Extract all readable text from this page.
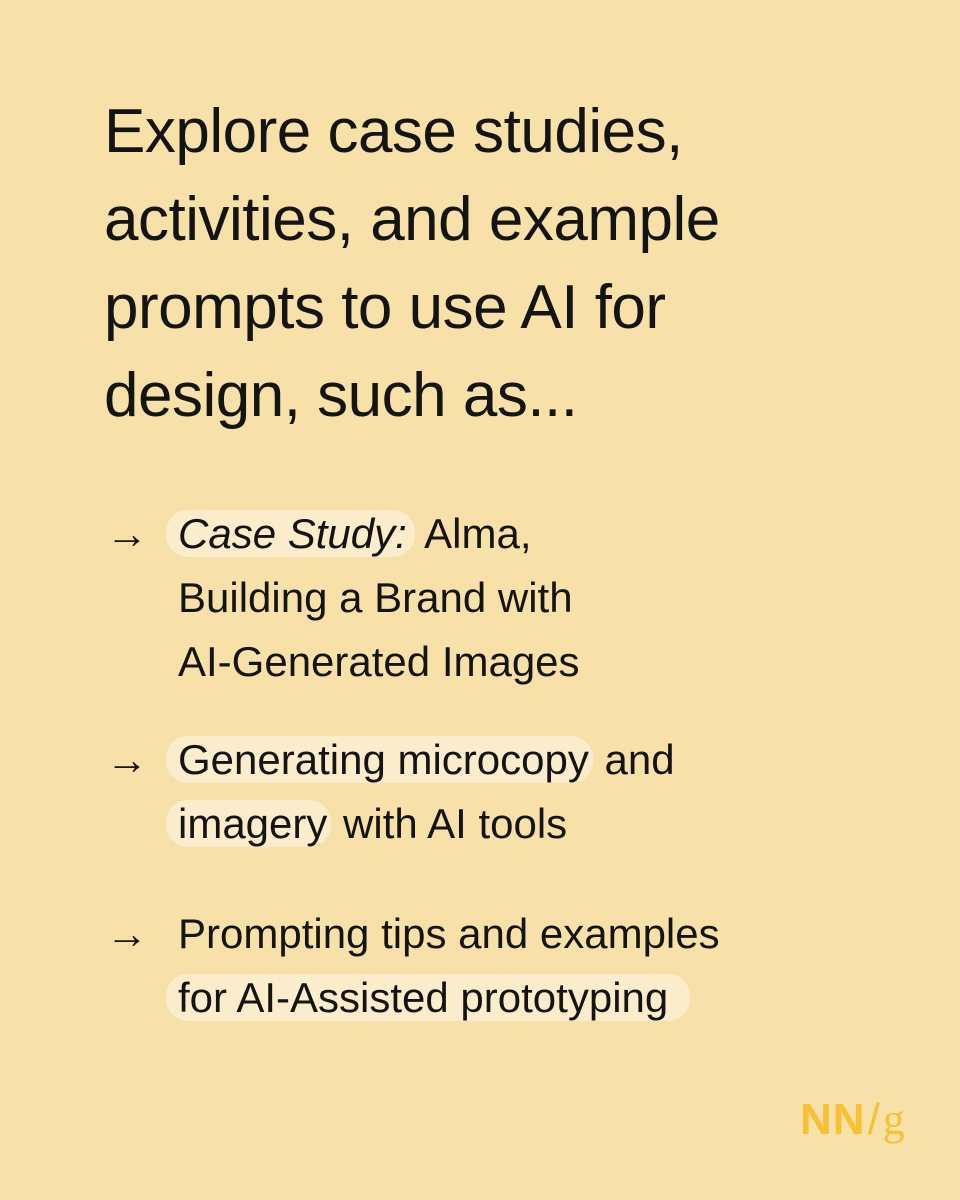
Explore case studies,
activities, and example
prompts to use AI for
design, such as...
→ Case Study: Alma,
Building a Brand with
AI-Generated Images
→ Generating microcopy and
imagery with AI tools
→ Prompting tips and examples
for AI-Assisted prototyping
NN/g
